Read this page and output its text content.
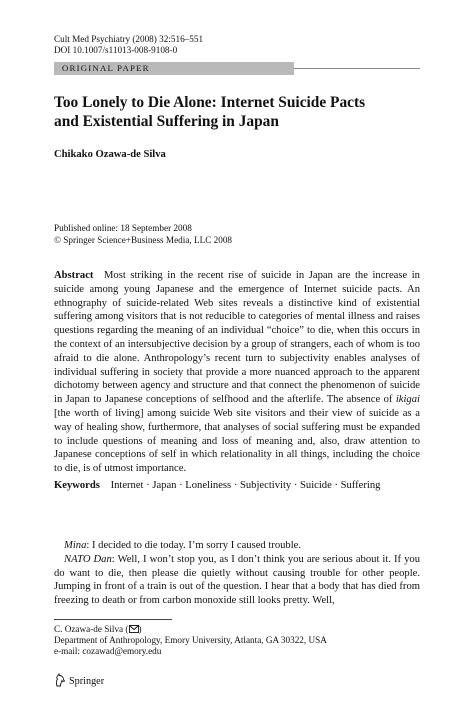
Cult Med Psychiatry (2008) 32:516–551
DOI 10.1007/s11013-008-9108-0
ORIGINAL PAPER
Too Lonely to Die Alone: Internet Suicide Pacts
and Existential Suffering in Japan
Chikako Ozawa-de Silva
Published online: 18 September 2008
© Springer Science+Business Media, LLC 2008
Abstract Most striking in the recent rise of suicide in Japan are the increase in suicide among young Japanese and the emergence of Internet suicide pacts. An ethnography of suicide-related Web sites reveals a distinctive kind of existential suffering among visitors that is not reducible to categories of mental illness and raises questions regarding the meaning of an individual “choice” to die, when this occurs in the context of an intersubjective decision by a group of strangers, each of whom is too afraid to die alone. Anthropology’s recent turn to subjectivity enables analyses of individual suffering in society that provide a more nuanced approach to the apparent dichotomy between agency and structure and that connect the phenomenon of suicide in Japan to Japanese conceptions of selfhood and the afterlife. The absence of ikigai [the worth of living] among suicide Web site visitors and their view of suicide as a way of healing show, furthermore, that analyses of social suffering must be expanded to include questions of meaning and loss of meaning and, also, draw attention to Japanese conceptions of self in which relationality in all things, including the choice to die, is of utmost importance.
Keywords Internet · Japan · Loneliness · Subjectivity · Suicide · Suffering

Mina: I decided to die today. I’m sorry I caused trouble.

NATO Dan: Well, I won’t stop you, as I don’t think you are serious about it. If you do want to die, then please die quietly without causing trouble for other people. Jumping in front of a train is out of the question. I hear that a body that has died from freezing to death or from carbon monoxide still looks pretty. Well,

C. Ozawa-de Silva ( )
Department of Anthropology, Emory University, Atlanta, GA 30322, USA
e-mail: cozawad@emory.edu
Springer
